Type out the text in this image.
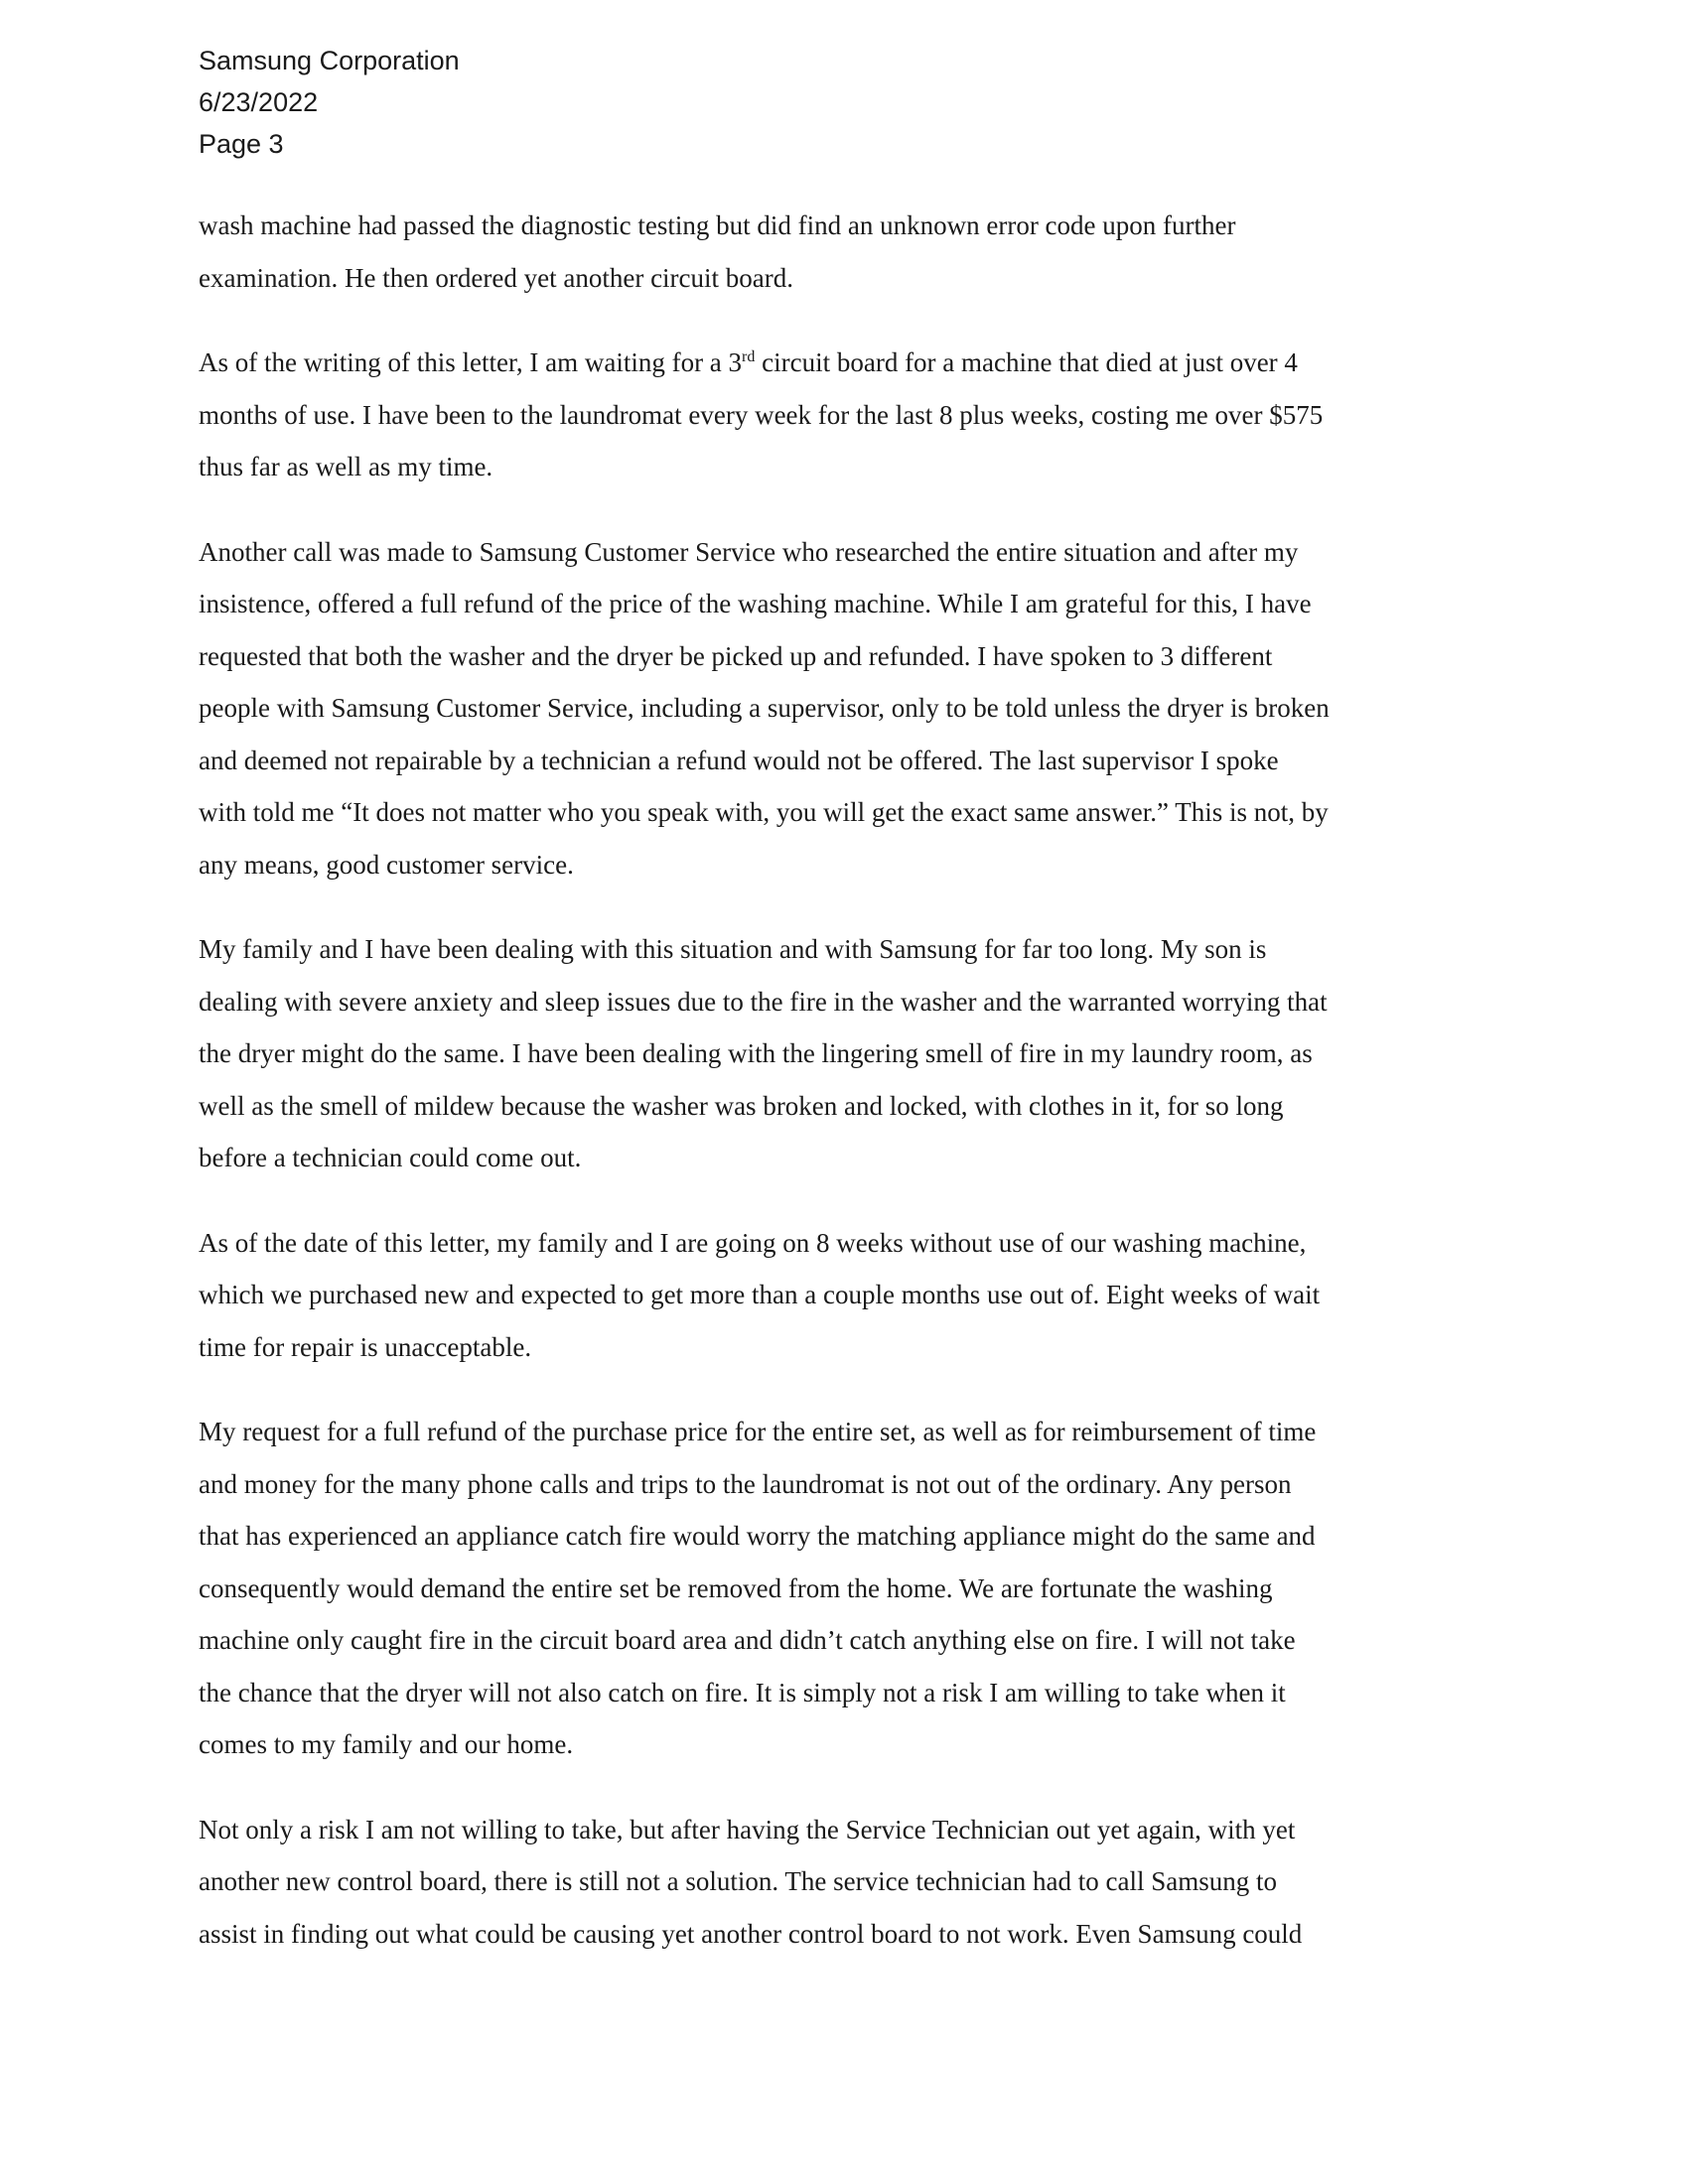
Samsung Corporation
6/23/2022
Page 3
wash machine had passed the diagnostic testing but did find an unknown error code upon further
examination. He then ordered yet another circuit board.
As of the writing of this letter, I am waiting for a 3rd circuit board for a machine that died at just over 4
months of use. I have been to the laundromat every week for the last 8 plus weeks, costing me over $575
thus far as well as my time.
Another call was made to Samsung Customer Service who researched the entire situation and after my
insistence, offered a full refund of the price of the washing machine. While I am grateful for this, I have
requested that both the washer and the dryer be picked up and refunded. I have spoken to 3 different
people with Samsung Customer Service, including a supervisor, only to be told unless the dryer is broken
and deemed not repairable by a technician a refund would not be offered. The last supervisor I spoke
with told me “It does not matter who you speak with, you will get the exact same answer.” This is not, by
any means, good customer service.
My family and I have been dealing with this situation and with Samsung for far too long. My son is
dealing with severe anxiety and sleep issues due to the fire in the washer and the warranted worrying that
the dryer might do the same. I have been dealing with the lingering smell of fire in my laundry room, as
well as the smell of mildew because the washer was broken and locked, with clothes in it, for so long
before a technician could come out.
As of the date of this letter, my family and I are going on 8 weeks without use of our washing machine,
which we purchased new and expected to get more than a couple months use out of. Eight weeks of wait
time for repair is unacceptable.
My request for a full refund of the purchase price for the entire set, as well as for reimbursement of time
and money for the many phone calls and trips to the laundromat is not out of the ordinary. Any person
that has experienced an appliance catch fire would worry the matching appliance might do the same and
consequently would demand the entire set be removed from the home. We are fortunate the washing
machine only caught fire in the circuit board area and didn’t catch anything else on fire. I will not take
the chance that the dryer will not also catch on fire. It is simply not a risk I am willing to take when it
comes to my family and our home.
Not only a risk I am not willing to take, but after having the Service Technician out yet again, with yet
another new control board, there is still not a solution. The service technician had to call Samsung to
assist in finding out what could be causing yet another control board to not work. Even Samsung could
